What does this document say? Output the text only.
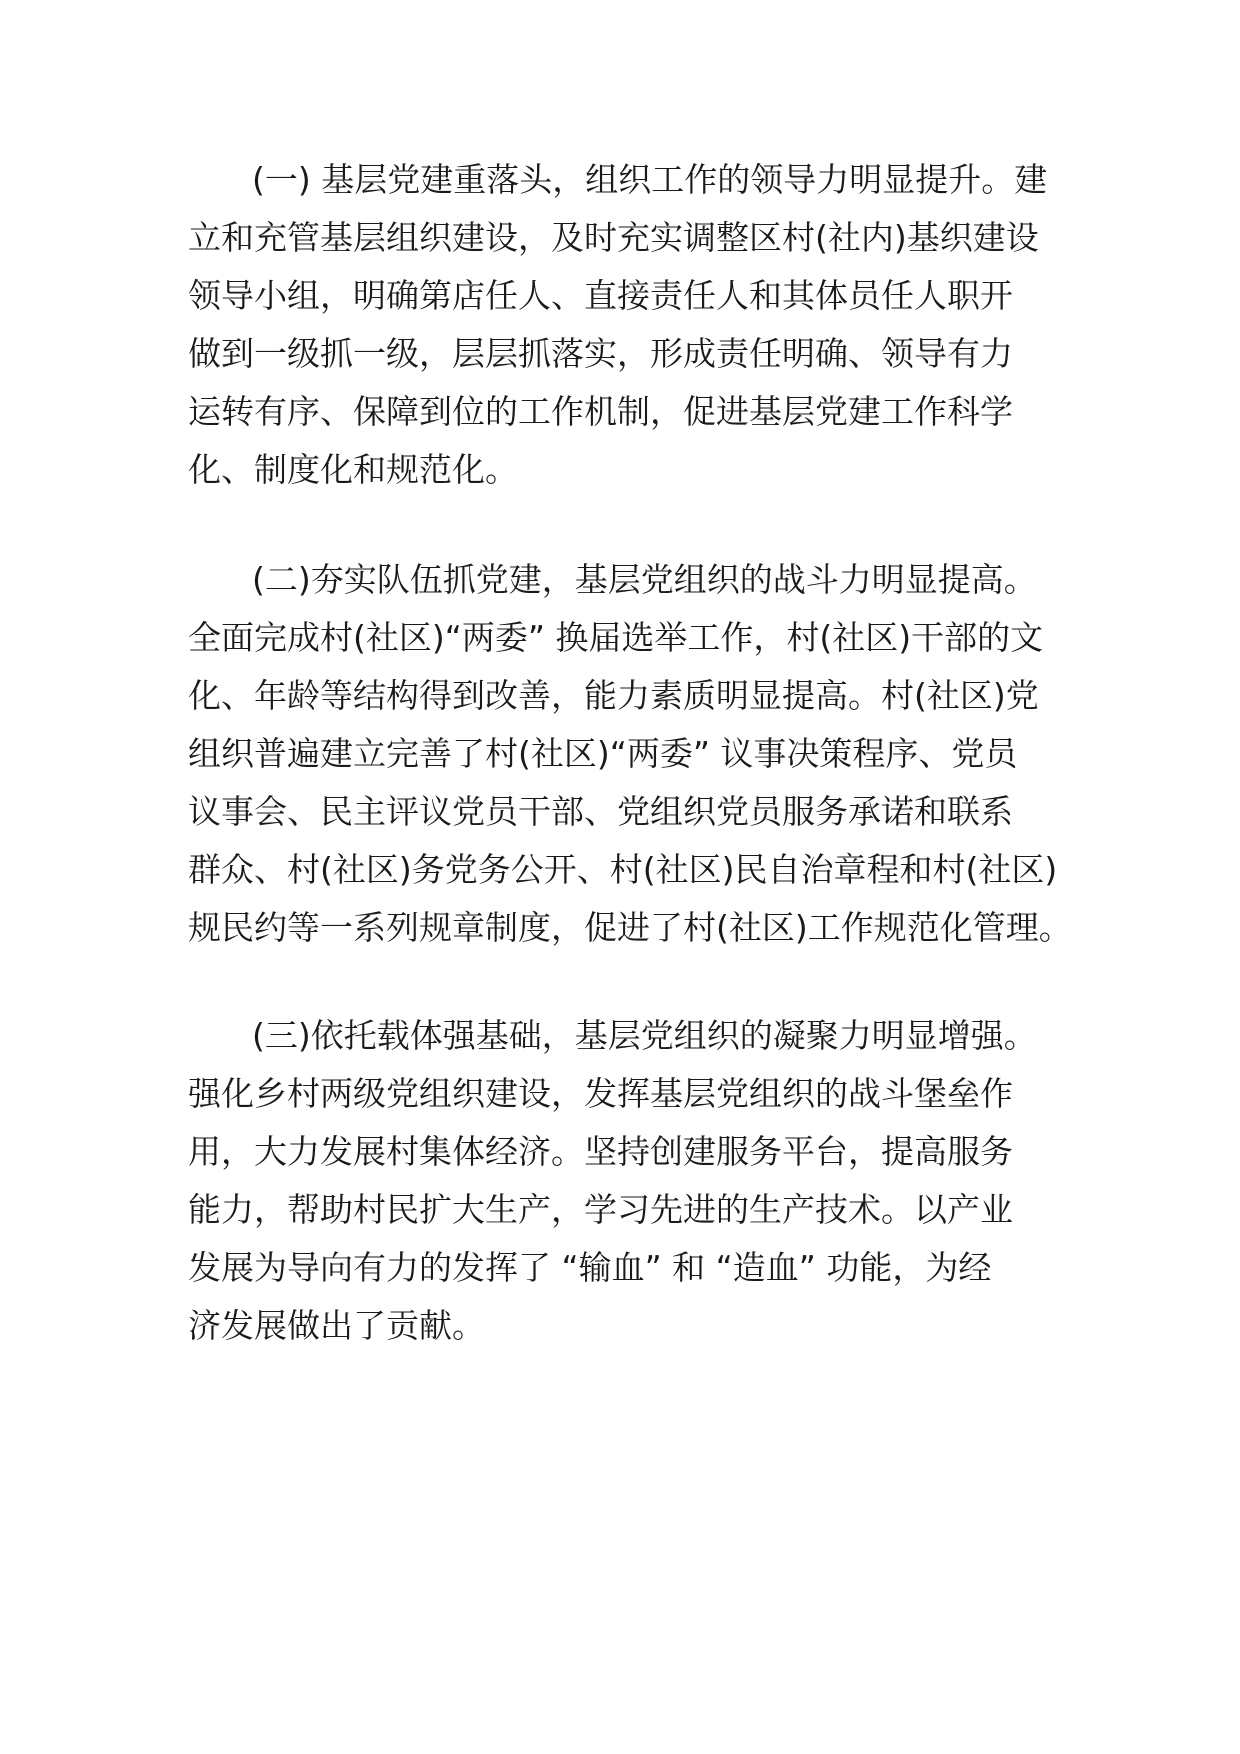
(一) 基层党建重落头，组织工作的领导力明显提升。建
立和充管基层组织建设，及时充实调整区村(社内)基织建设
领导小组，明确第店任人、直接责任人和其体员任人职开
做到一级抓一级，层层抓落实，形成责任明确、领导有力
运转有序、保障到位的工作机制，促进基层党建工作科学
化、制度化和规范化。
(二)夯实队伍抓党建，基层党组织的战斗力明显提高。
全面完成村(社区)“两委” 换届选举工作，村(社区)干部的文
化、年龄等结构得到改善，能力素质明显提高。村(社区)党
组织普遍建立完善了村(社区)“两委” 议事决策程序、党员
议事会、民主评议党员干部、党组织党员服务承诺和联系
群众、村(社区)务党务公开、村(社区)民自治章程和村(社区)
规民约等一系列规章制度，促进了村(社区)工作规范化管理。
(三)依托载体强基础，基层党组织的凝聚力明显增强。
强化乡村两级党组织建设，发挥基层党组织的战斗堡垒作
用，大力发展村集体经济。坚持创建服务平台，提高服务
能力，帮助村民扩大生产，学习先进的生产技术。以产业
发展为导向有力的发挥了 “输血” 和 “造血” 功能，为经
济发展做出了贡献。
